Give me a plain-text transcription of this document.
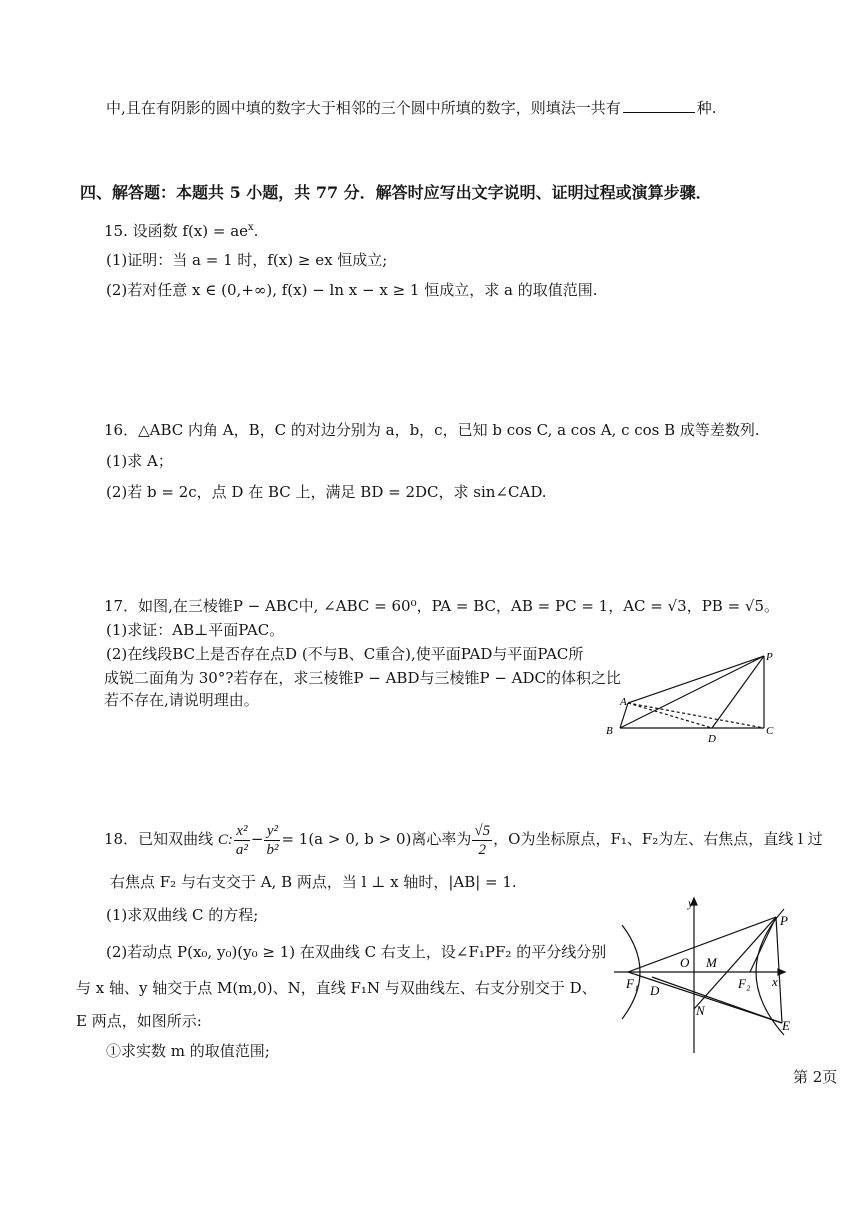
中,且在有阴影的圆中填的数字大于相邻的三个圆中所填的数字，则填法一共有	种.
四、解答题：本题共 5 小题，共 77 分．解答时应写出文字说明、证明过程或演算步骤．
15. 设函数 $f(x) = ae^x$.
(1)证明：当 a = 1 时，f(x) ≥ ex 恒成立;
(2)若对任意 x ∈ (0,+∞), f(x) − ln x − x ≥ 1 恒成立，求 a 的取值范围.
16．△ABC 内角 A，B，C 的对边分别为 a，b，c，已知 b cos C, a cos A, c cos B 成等差数列.
(1)求 A；
(2)若 b = 2c，点 D 在 BC 上，满足 BD = 2DC，求 sin∠CAD.
17．如图,在三棱锥P − ABC中, ∠ABC = 60⁰，PA = BC，AB = PC = 1，AC = √3，PB = √5。
(1)求证：AB⊥平面PAC。
(2)在线段BC上是否存在点D (不与B、C重合),使平面PAD与平面PAC所
成锐二面角为 30°?若存在，求三棱锥P − ABD与三棱锥P − ADC的体积之比
若不存在,请说明理由。
P
A
B	C
D
18．已知双曲线 C: $\frac{\text{x²}}{\text{a²}} - \frac{\text{y²}}{\text{b²}} = 1(a > 0$, b > 0)离心率为 $\frac{√5}{2}$ ，O为坐标原点，F₁、F₂为左、右焦点，直线 l 过
右焦点 F₂ 与右支交于 A, B 两点，当 l ⊥ x 轴时，|AB| = 1.
(1)求双曲线 C 的方程;
(2)若动点 P(x₀, y₀)(y₀ ≥ 1) 在双曲线 C 右支上，设∠F₁PF₂ 的平分线分别
与 x 轴、y 轴交于点 M(m,0)、N，直线 F₁N 与双曲线左、右支分别交于 D、
E 两点，如图所示:
①求实数 m 的取值范围;
y
x
O M
P
F₁	F₂
D
N
E
第 2页
